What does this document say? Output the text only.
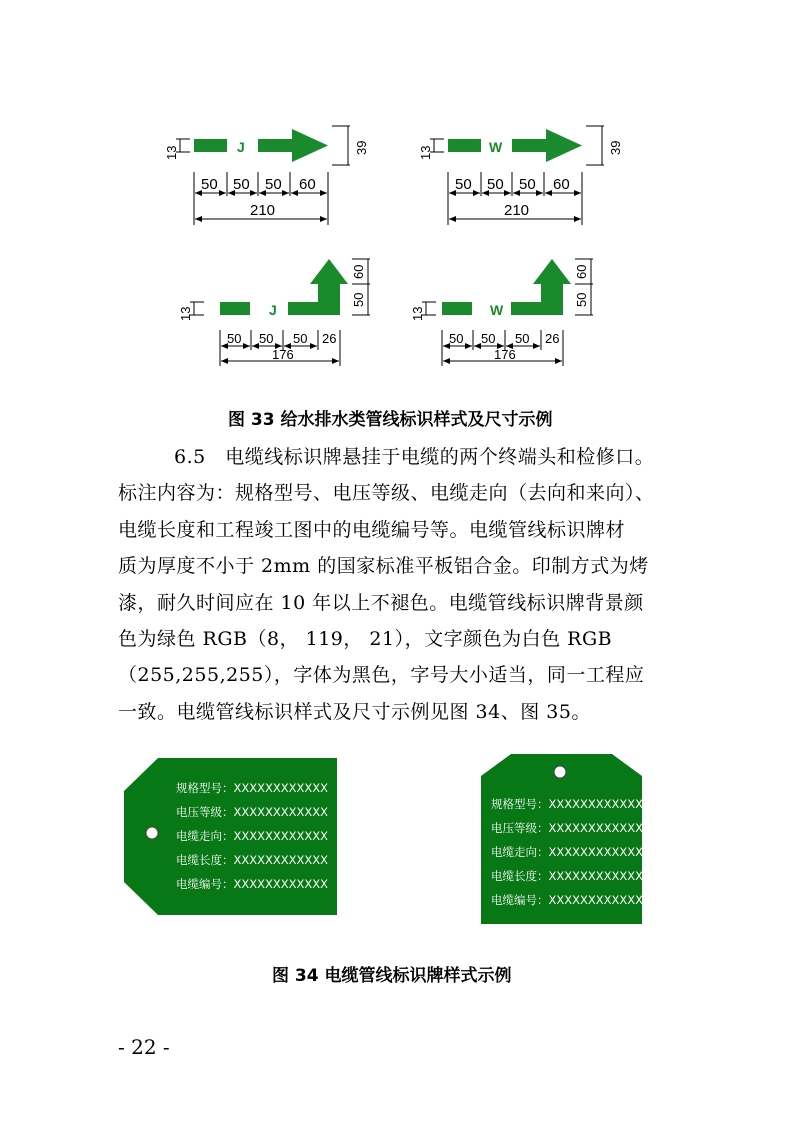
13	J	39
50 50 50 60
210
13	W	39
50 50 50 60
210
13	J
60
50
50 50 50 26
176
13	W
60
50
50 50 50 26
176
图 33 给水排水类管线标识样式及尺寸示例
6.5　电缆线标识牌悬挂于电缆的两个终端头和检修口。
标注内容为：规格型号、电压等级、电缆走向（去向和来向）、
电缆长度和工程竣工图中的电缆编号等。电缆管线标识牌材
质为厚度不小于 2mm 的国家标准平板铝合金。印制方式为烤
漆，耐久时间应在 10 年以上不褪色。电缆管线标识牌背景颜
色为绿色 RGB（8， 119， 21），文字颜色为白色 RGB
（255,255,255），字体为黑色，字号大小适当，同一工程应
一致。电缆管线标识样式及尺寸示例见图 34、图 35。
规格型号：XXXXXXXXXXXX
电压等级：XXXXXXXXXXXX
电缆走向：XXXXXXXXXXXX
电缆长度：XXXXXXXXXXXX
电缆编号：XXXXXXXXXXXX
规格型号：XXXXXXXXXXXX
电压等级：XXXXXXXXXXXX
电缆走向：XXXXXXXXXXXX
电缆长度：XXXXXXXXXXXX
电缆编号：XXXXXXXXXXXX
图 34 电缆管线标识牌样式示例
- 22 -
